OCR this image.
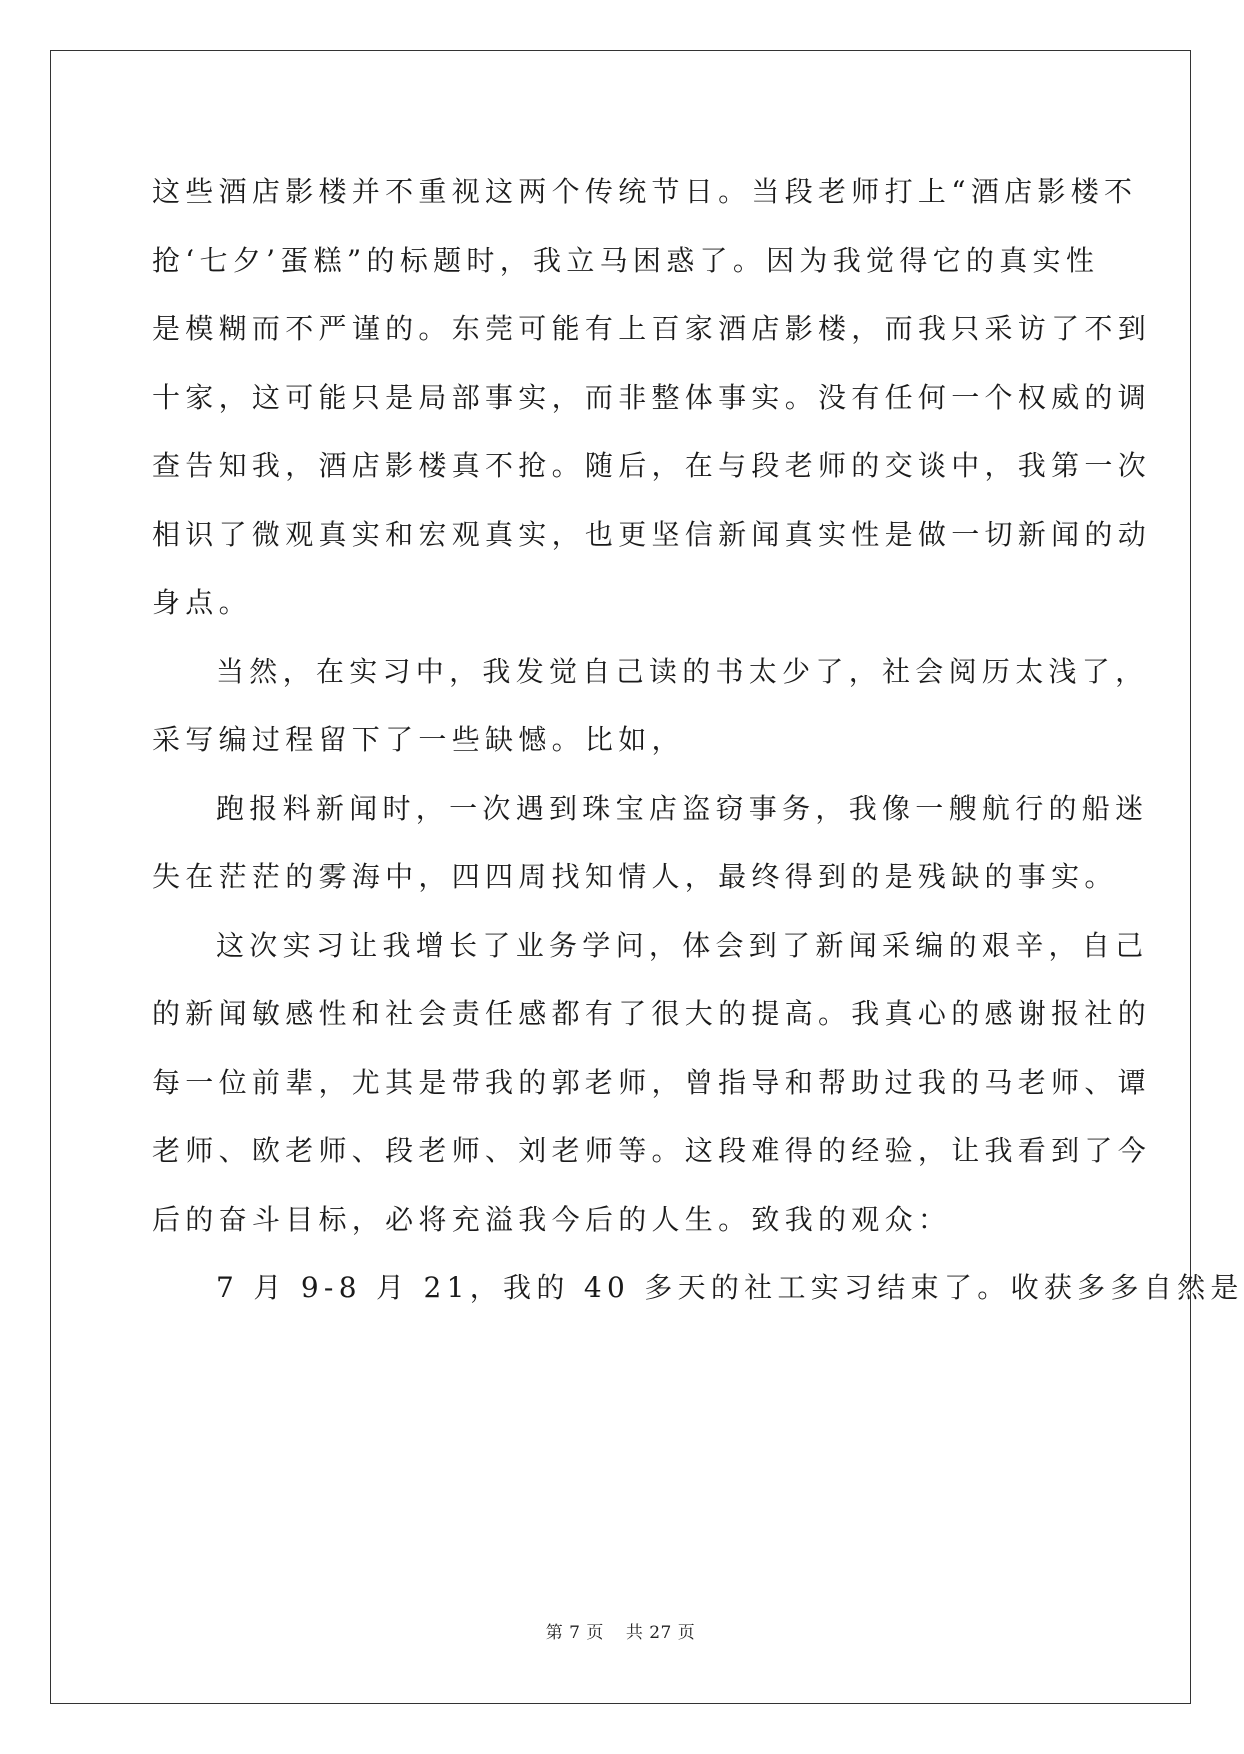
这些酒店影楼并不重视这两个传统节日。当段老师打上“酒店影楼不
抢‘七夕’蛋糕”的标题时，我立马困惑了。因为我觉得它的真实性
是模糊而不严谨的。东莞可能有上百家酒店影楼，而我只采访了不到
十家，这可能只是局部事实，而非整体事实。没有任何一个权威的调
查告知我，酒店影楼真不抢。随后，在与段老师的交谈中，我第一次
相识了微观真实和宏观真实，也更坚信新闻真实性是做一切新闻的动
身点。
当然，在实习中，我发觉自己读的书太少了，社会阅历太浅了，
采写编过程留下了一些缺憾。比如，
跑报料新闻时，一次遇到珠宝店盗窃事务，我像一艘航行的船迷
失在茫茫的雾海中，四四周找知情人，最终得到的是残缺的事实。
这次实习让我增长了业务学问，体会到了新闻采编的艰辛，自己
的新闻敏感性和社会责任感都有了很大的提高。我真心的感谢报社的
每一位前辈，尤其是带我的郭老师，曾指导和帮助过我的马老师、谭
老师、欧老师、段老师、刘老师等。这段难得的经验，让我看到了今
后的奋斗目标，必将充溢我今后的人生。致我的观众：
7 月 9-8 月 21，我的 40 多天的社工实习结束了。收获多多自然是
第 7 页 共 27 页
